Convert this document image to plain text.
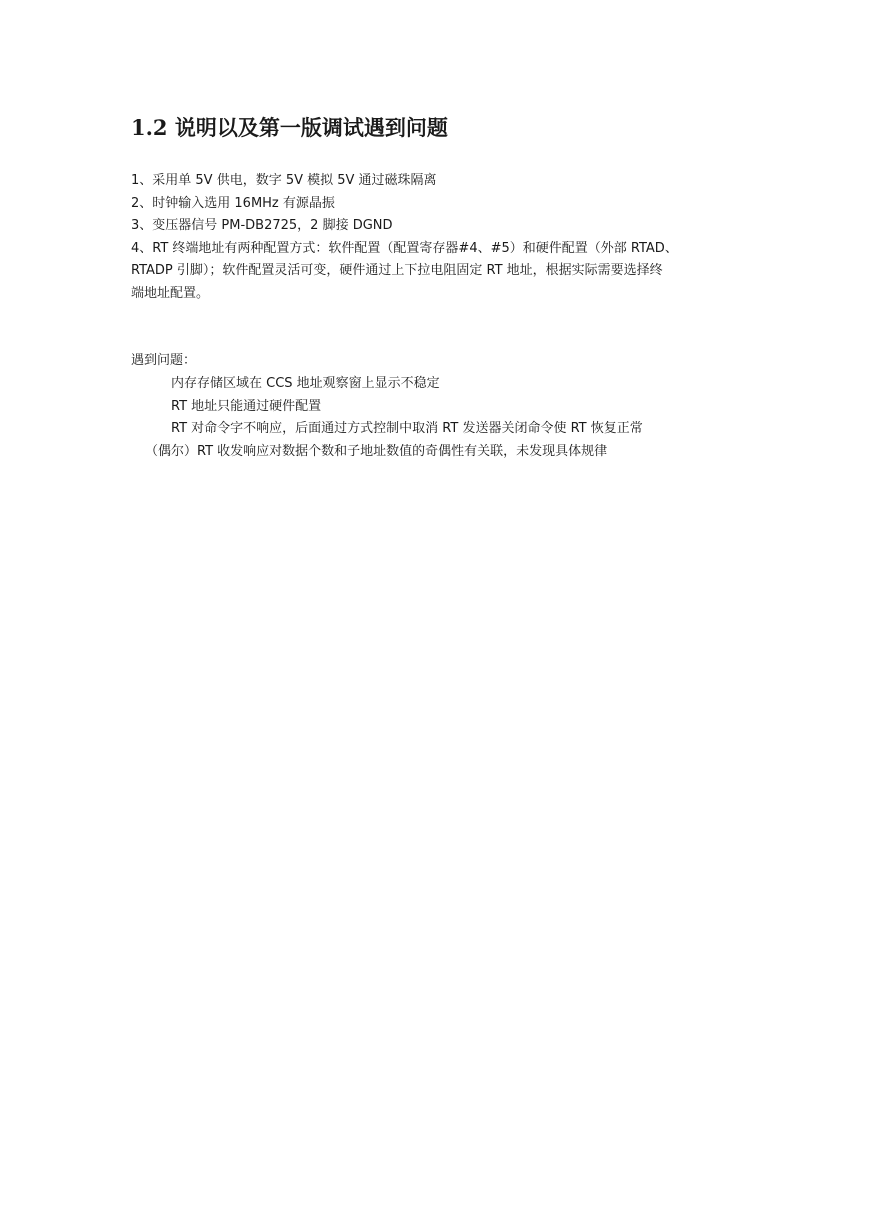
1.2 说明以及第一版调试遇到问题
1、采用单 5V 供电，数字 5V 模拟 5V 通过磁珠隔离
2、时钟输入选用 16MHz 有源晶振
3、变压器信号 PM-DB2725，2 脚接 DGND
4、RT 终端地址有两种配置方式：软件配置（配置寄存器#4、#5）和硬件配置（外部 RTAD、
RTADP 引脚）；软件配置灵活可变，硬件通过上下拉电阻固定 RT 地址，根据实际需要选择终
端地址配置。
遇到问题：
内存存储区域在 CCS 地址观察窗上显示不稳定
RT 地址只能通过硬件配置
RT 对命令字不响应，后面通过方式控制中取消 RT 发送器关闭命令使 RT 恢复正常
（偶尔）RT 收发响应对数据个数和子地址数值的奇偶性有关联，未发现具体规律
